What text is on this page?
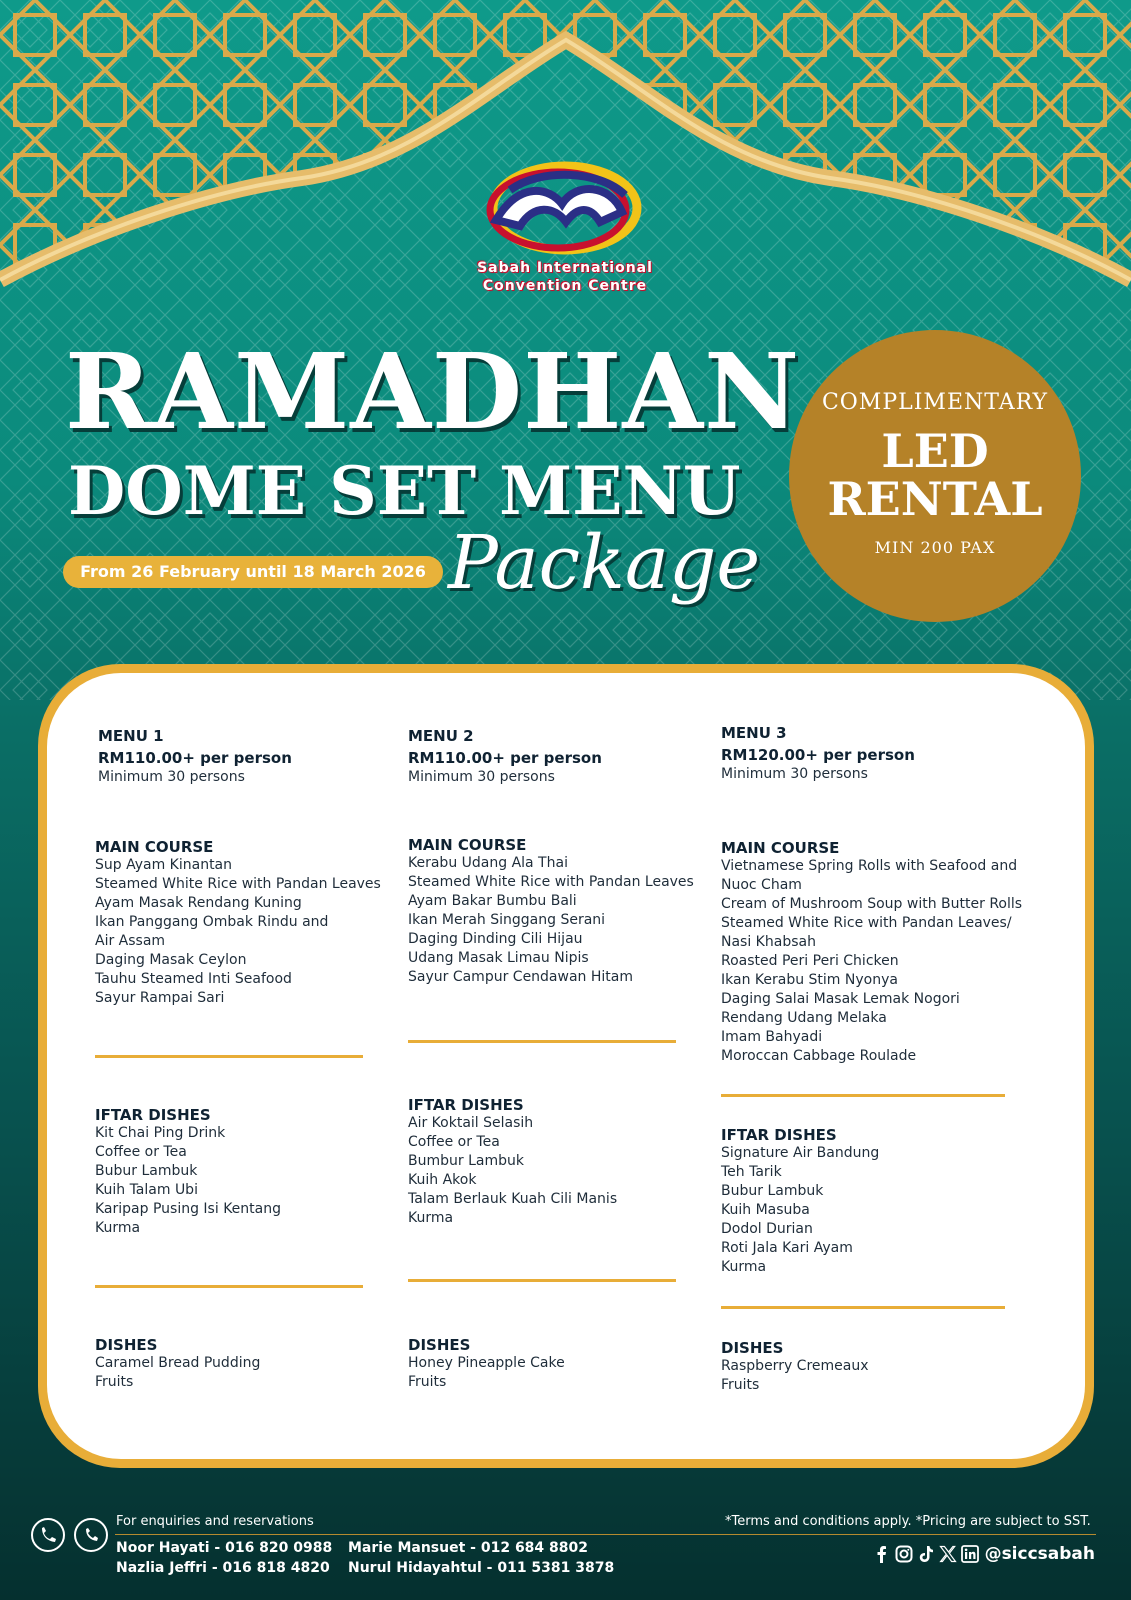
Sabah International
Convention Centre
RAMADHAN
DOME SET MENU
From 26 February until 18 March 2026 Package
COMPLIMENTARY
LED
RENTAL
MIN 200 PAX
MENU 1
RM110.00+ per person
Minimum 30 persons
MAIN COURSE
Sup Ayam Kinantan
Steamed White Rice with Pandan Leaves
Ayam Masak Rendang Kuning
Ikan Panggang Ombak Rindu and
Air Assam
Daging Masak Ceylon
Tauhu Steamed Inti Seafood
Sayur Rampai Sari
IFTAR DISHES
Kit Chai Ping Drink
Coffee or Tea
Bubur Lambuk
Kuih Talam Ubi
Karipap Pusing Isi Kentang
Kurma
DISHES
Caramel Bread Pudding
Fruits
MENU 2
RM110.00+ per person
Minimum 30 persons
MAIN COURSE
Kerabu Udang Ala Thai
Steamed White Rice with Pandan Leaves
Ayam Bakar Bumbu Bali
Ikan Merah Singgang Serani
Daging Dinding Cili Hijau
Udang Masak Limau Nipis
Sayur Campur Cendawan Hitam
IFTAR DISHES
Air Koktail Selasih
Coffee or Tea
Bumbur Lambuk
Kuih Akok
Talam Berlauk Kuah Cili Manis
Kurma
DISHES
Honey Pineapple Cake
Fruits
MENU 3
RM120.00+ per person
Minimum 30 persons
MAIN COURSE
Vietnamese Spring Rolls with Seafood and
Nuoc Cham
Cream of Mushroom Soup with Butter Rolls
Steamed White Rice with Pandan Leaves/
Nasi Khabsah
Roasted Peri Peri Chicken
Ikan Kerabu Stim Nyonya
Daging Salai Masak Lemak Nogori
Rendang Udang Melaka
Imam Bahyadi
Moroccan Cabbage Roulade
IFTAR DISHES
Signature Air Bandung
Teh Tarik
Bubur Lambuk
Kuih Masuba
Dodol Durian
Roti Jala Kari Ayam
Kurma
DISHES
Raspberry Cremeaux
Fruits
For enquiries and reservations	*Terms and conditions apply. *Pricing are subject to SST.
Noor Hayati - 016 820 0988
Nazlia Jeffri - 016 818 4820
Marie Mansuet - 012 684 8802
Nurul Hidayahtul - 011 5381 3878
@siccsabah
